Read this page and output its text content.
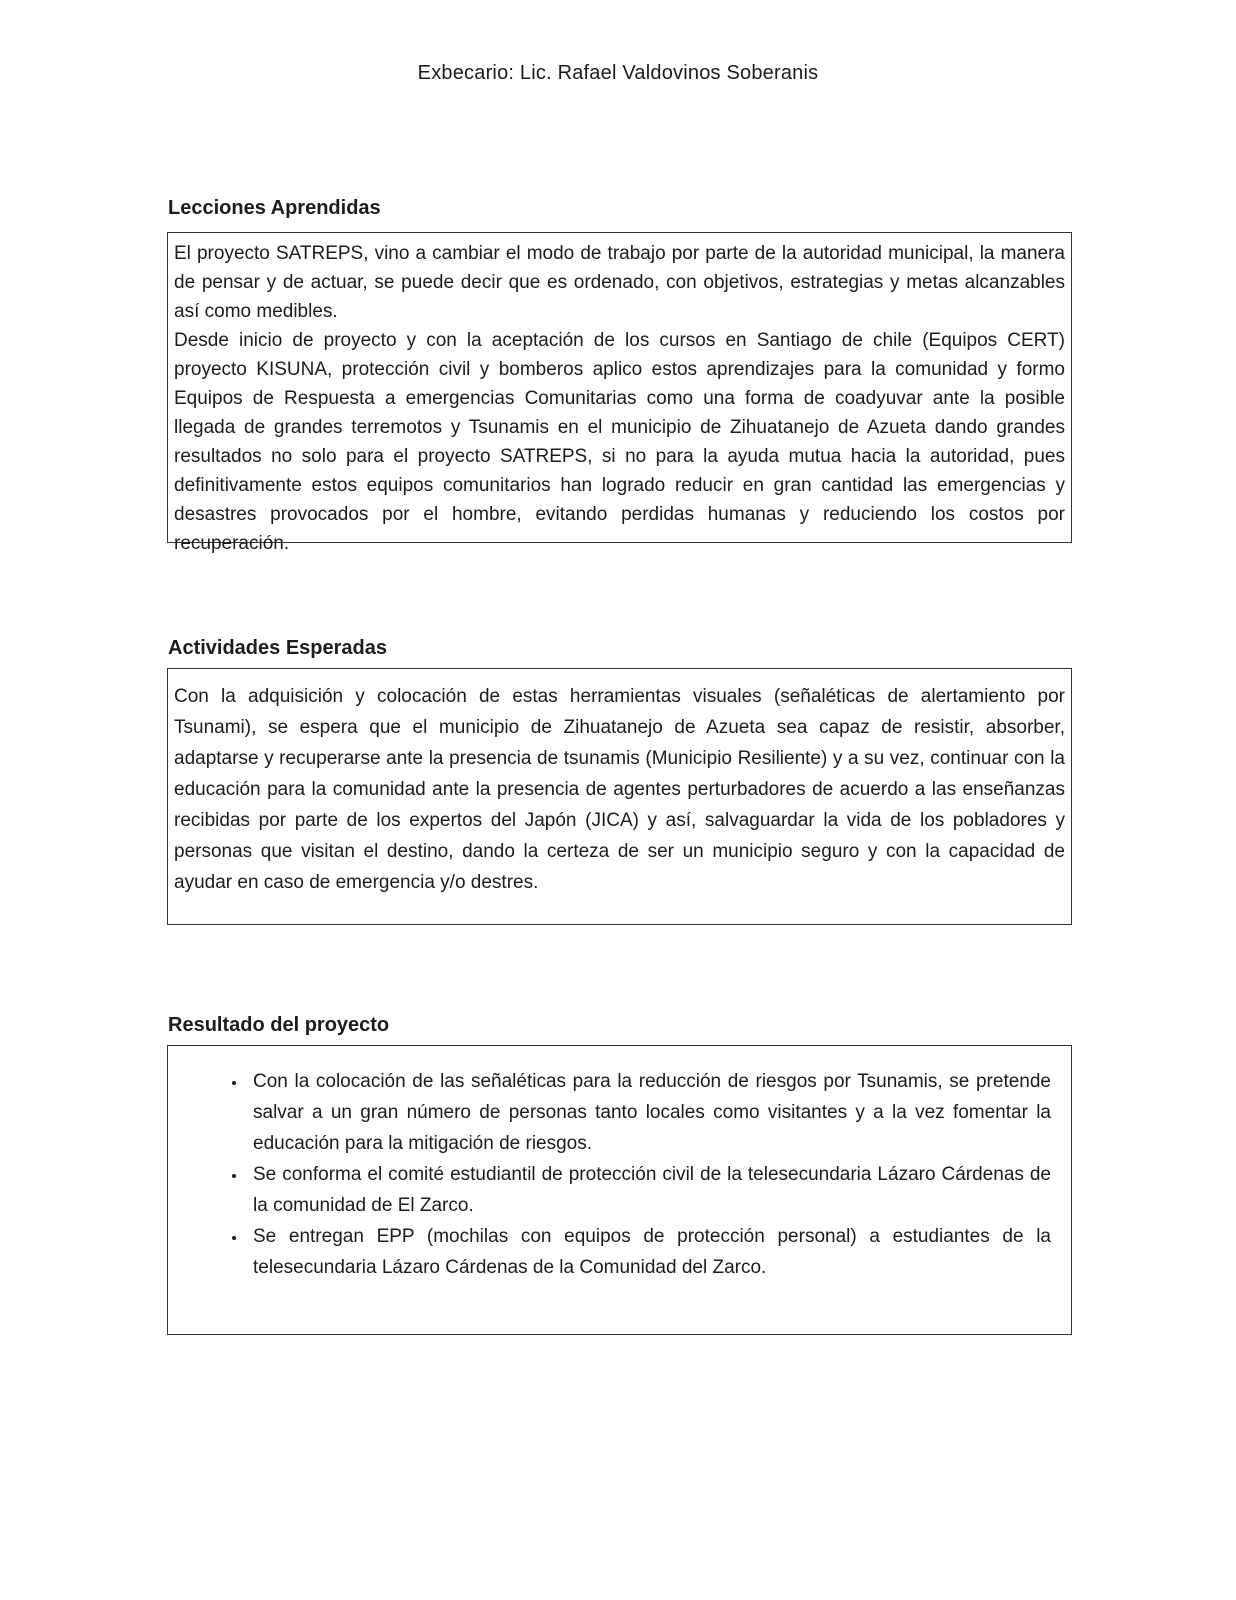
Exbecario: Lic. Rafael Valdovinos Soberanis
Lecciones Aprendidas

El proyecto SATREPS, vino a cambiar el modo de trabajo por parte de la autoridad municipal, la manera de pensar y de actuar, se puede decir que es ordenado, con objetivos, estrategias y metas alcanzables así como medibles.

Desde inicio de proyecto y con la aceptación de los cursos en Santiago de chile (Equipos CERT) proyecto KISUNA, protección civil y bomberos aplico estos aprendizajes para la comunidad y formo Equipos de Respuesta a emergencias Comunitarias como una forma de coadyuvar ante la posible llegada de grandes terremotos y Tsunamis en el municipio de Zihuatanejo de Azueta dando grandes resultados no solo para el proyecto SATREPS, si no para la ayuda mutua hacia la autoridad, pues definitivamente estos equipos comunitarios han logrado reducir en gran cantidad las emergencias y desastres provocados por el hombre, evitando perdidas humanas y reduciendo los costos por recuperación.

Actividades Esperadas

Con la adquisición y colocación de estas herramientas visuales (señaléticas de alertamiento por Tsunami), se espera que el municipio de Zihuatanejo de Azueta sea capaz de resistir, absorber, adaptarse y recuperarse ante la presencia de tsunamis (Municipio Resiliente) y a su vez, continuar con la educación para la comunidad ante la presencia de agentes perturbadores de acuerdo a las enseñanzas recibidas por parte de los expertos del Japón (JICA) y así, salvaguardar la vida de los pobladores y personas que visitan el destino, dando la certeza de ser un municipio seguro y con la capacidad de ayudar en caso de emergencia y/o destres.

Resultado del proyecto
• Con la colocación de las señaléticas para la reducción de riesgos por Tsunamis, se pretende salvar a un gran número de personas tanto locales como visitantes y a la vez fomentar la educación para la mitigación de riesgos.
• Se conforma el comité estudiantil de protección civil de la telesecundaria Lázaro Cárdenas de la comunidad de El Zarco.
• Se entregan EPP (mochilas con equipos de protección personal) a estudiantes de la telesecundaria Lázaro Cárdenas de la Comunidad del Zarco.
